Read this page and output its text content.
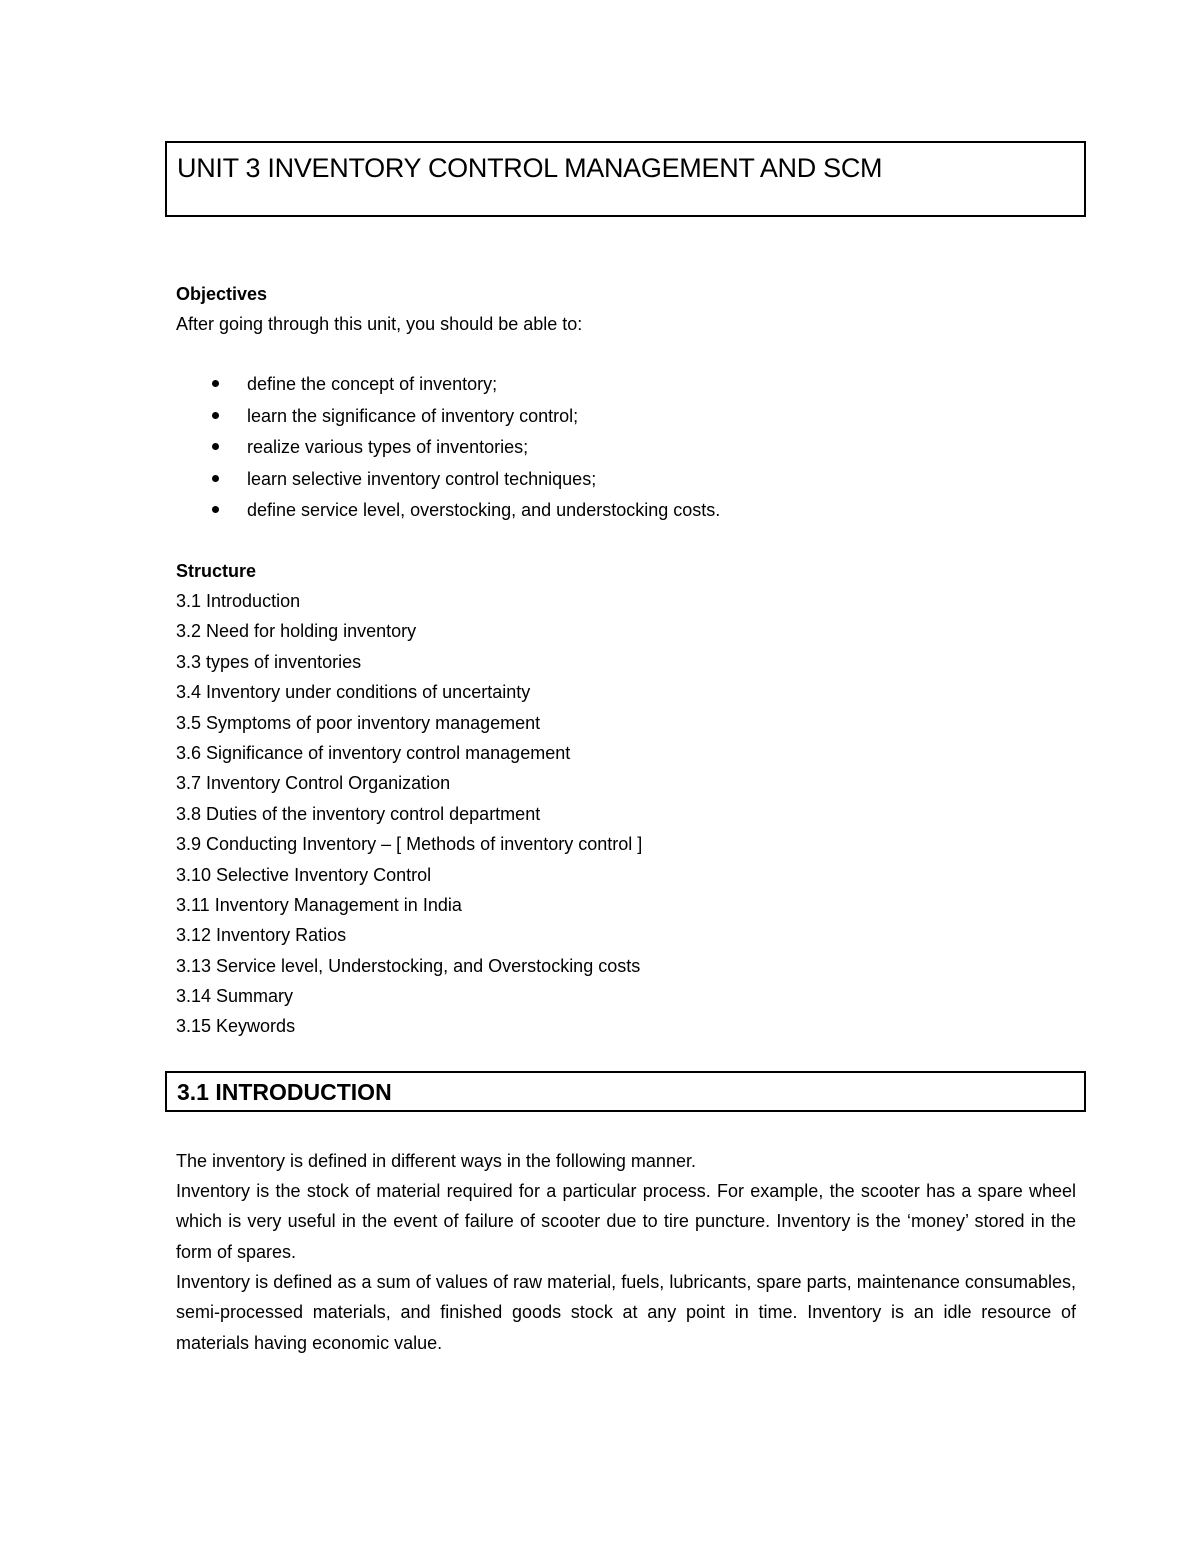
UNIT 3 INVENTORY CONTROL MANAGEMENT AND SCM
Objectives
After going through this unit, you should be able to:
define the concept of inventory;
learn the significance of inventory control;
realize various types of inventories;
learn selective inventory control techniques;
define service level, overstocking, and understocking costs.
Structure
3.1 Introduction
3.2 Need for holding inventory
3.3 types of inventories
3.4 Inventory under conditions of uncertainty
3.5 Symptoms of poor inventory management
3.6 Significance of inventory control management
3.7 Inventory Control Organization
3.8 Duties of the inventory control department
3.9 Conducting Inventory – [ Methods of inventory control ]
3.10 Selective Inventory Control
3.11 Inventory Management in India
3.12 Inventory Ratios
3.13 Service level, Understocking, and Overstocking costs
3.14 Summary
3.15 Keywords
3.1 INTRODUCTION

The inventory is defined in different ways in the following manner.

Inventory is the stock of material required for a particular process. For example, the scooter has a spare wheel which is very useful in the event of failure of scooter due to tire puncture. Inventory is the ‘money’ stored in the form of spares.

Inventory is defined as a sum of values of raw material, fuels, lubricants, spare parts, maintenance consumables, semi-processed materials, and finished goods stock at any point in time. Inventory is an idle resource of materials having economic value.
